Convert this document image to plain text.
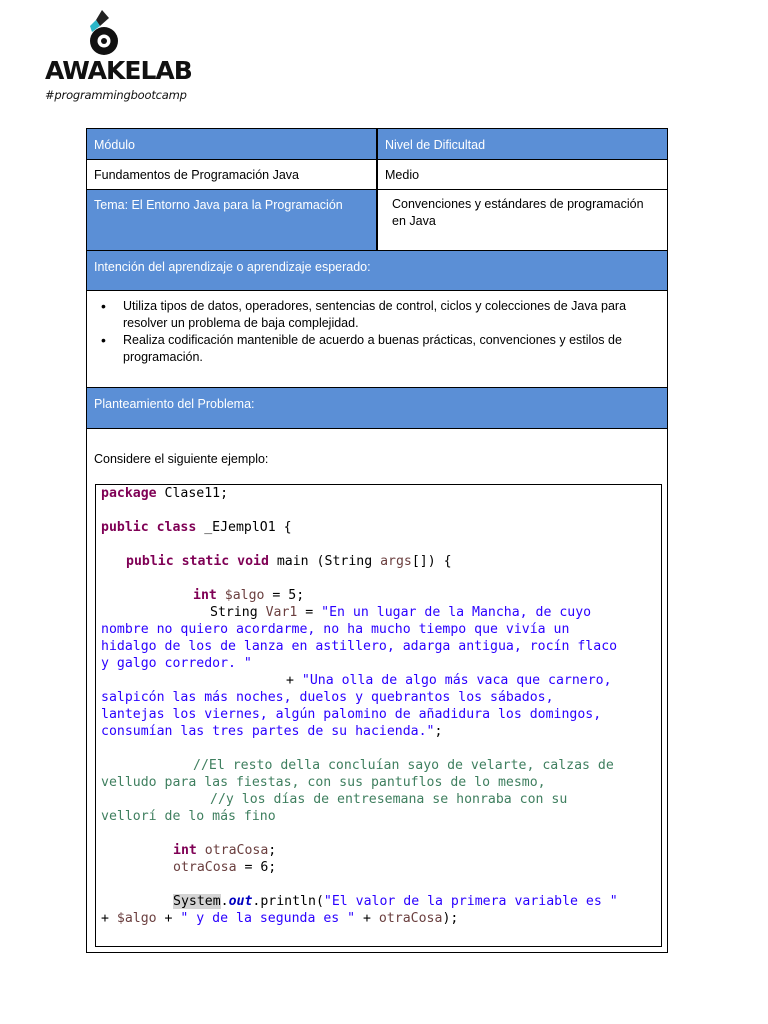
AWAKELAB
#programmingbootcamp
Módulo	Nivel de Dificultad
Fundamentos de Programación Java	Medio
Tema: El Entorno Java para la Programación	Convenciones y estándares de programación
en Java
Intención del aprendizaje o aprendizaje esperado:
• Utiliza tipos de datos, operadores, sentencias de control, ciclos y colecciones de Java para resolver un problema de baja complejidad.
• Realiza codificación mantenible de acuerdo a buenas prácticas, convenciones y estilos de programación.
Planteamiento del Problema:
Considere el siguiente ejemplo:
package Clase11;
public class _EJemplO1 {
public static void main (String args[]) {
int $algo = 5;
String Var1 = "En un lugar de la Mancha, de cuyo
nombre no quiero acordarme, no ha mucho tiempo que vivía un
hidalgo de los de lanza en astillero, adarga antigua, rocín flaco
y galgo corredor. "
+ "Una olla de algo más vaca que carnero,
salpicón las más noches, duelos y quebrantos los sábados,
lantejas los viernes, algún palomino de añadidura los domingos,
consumían las tres partes de su hacienda.";
//El resto della concluían sayo de velarte, calzas de
velludo para las fiestas, con sus pantuflos de lo mesmo,
//y los días de entresemana se honraba con su
vellorí de lo más fino
int otraCosa;
otraCosa = 6;
System.out.println("El valor de la primera variable es "
+ $algo + " y de la segunda es " + otraCosa);
